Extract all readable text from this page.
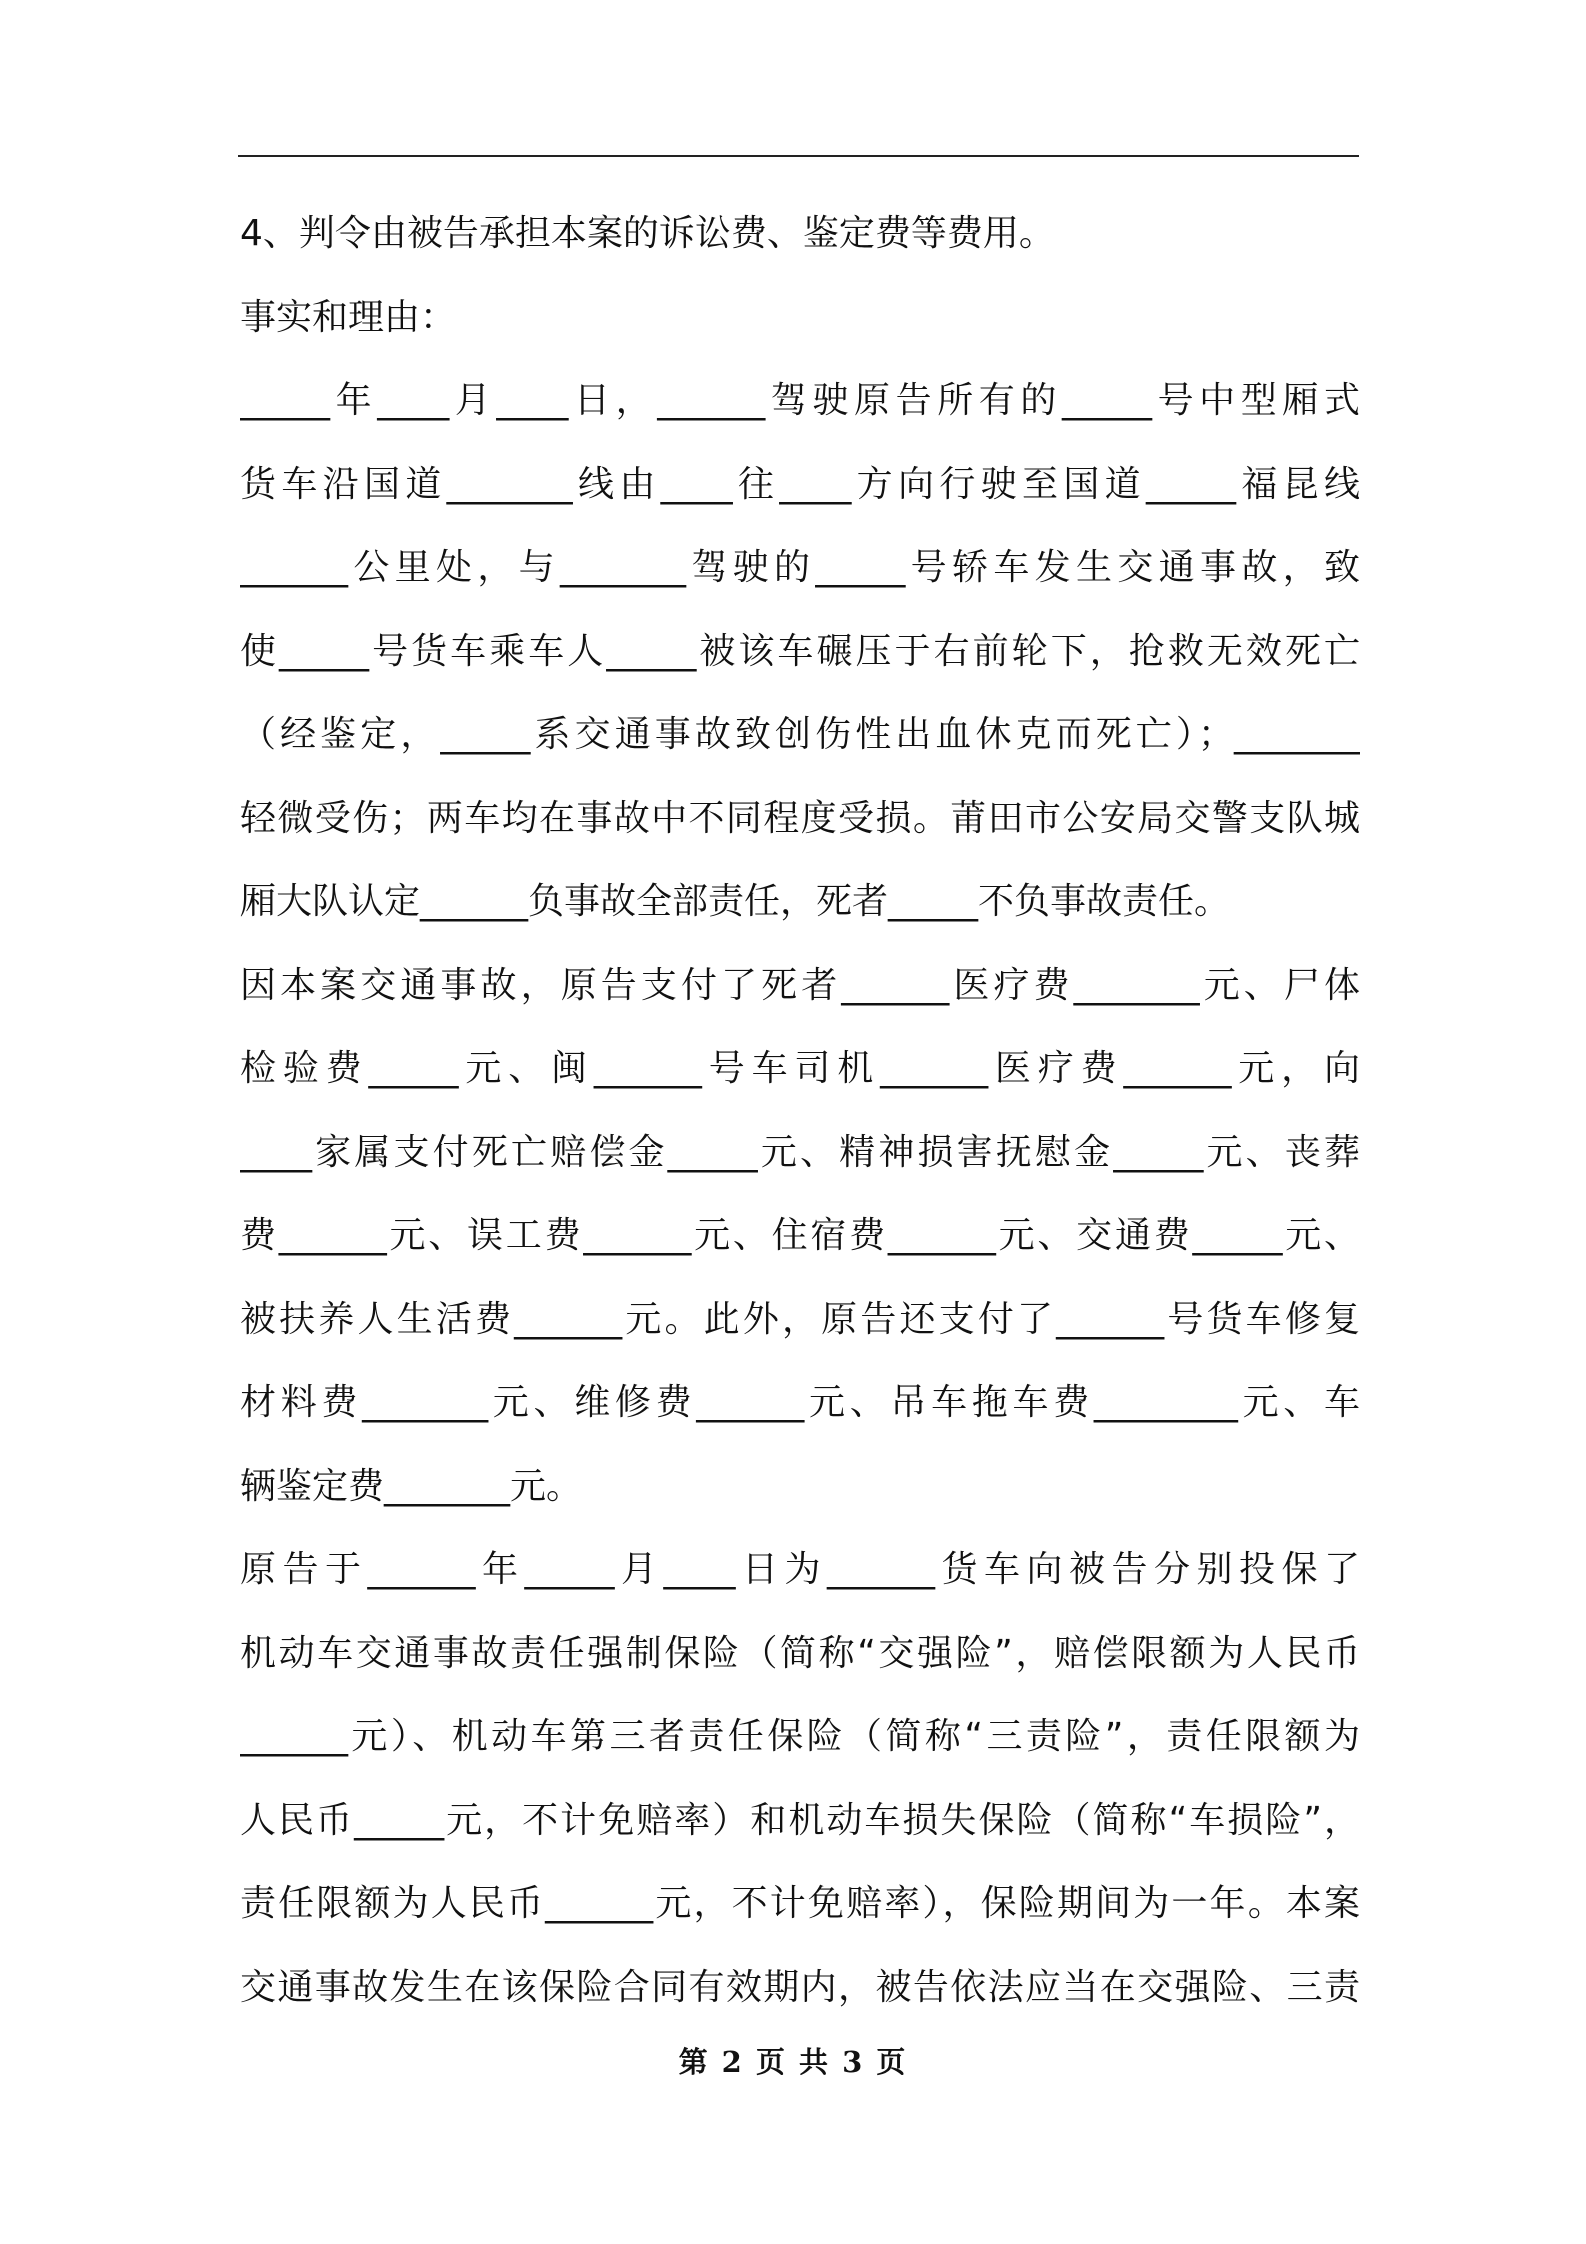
4、判令由被告承担本案的诉讼费、鉴定费等费用。
事实和理由：
_____年____月____日，______驾驶原告所有的_____号中型厢式
货车沿国道_______线由____往____方向行驶至国道_____福昆线
______公里处，与_______驾驶的_____号轿车发生交通事故，致
使_____号货车乘车人_____被该车碾压于右前轮下，抢救无效死亡
（经鉴定，_____系交通事故致创伤性出血休克而死亡）；_______
轻微受伤；两车均在事故中不同程度受损。莆田市公安局交警支队城
厢大队认定______负事故全部责任，死者_____不负事故责任。
因本案交通事故，原告支付了死者______医疗费_______元、尸体
检验费_____元、闽______号车司机______医疗费______元，向
____家属支付死亡赔偿金_____元、精神损害抚慰金_____元、丧葬
费______元、误工费______元、住宿费______元、交通费_____元、
被扶养人生活费______元。此外，原告还支付了______号货车修复
材料费_______元、维修费______元、吊车拖车费________元、车
辆鉴定费_______元。
原告于______年_____月____日为______货车向被告分别投保了
机动车交通事故责任强制保险（简称“交强险”，赔偿限额为人民币
______元）、机动车第三者责任保险（简称“三责险”，责任限额为
人民币_____元，不计免赔率）和机动车损失保险（简称“车损险”，
责任限额为人民币______元，不计免赔率），保险期间为一年。本案
交通事故发生在该保险合同有效期内，被告依法应当在交强险、三责
第 2 页 共 3 页
